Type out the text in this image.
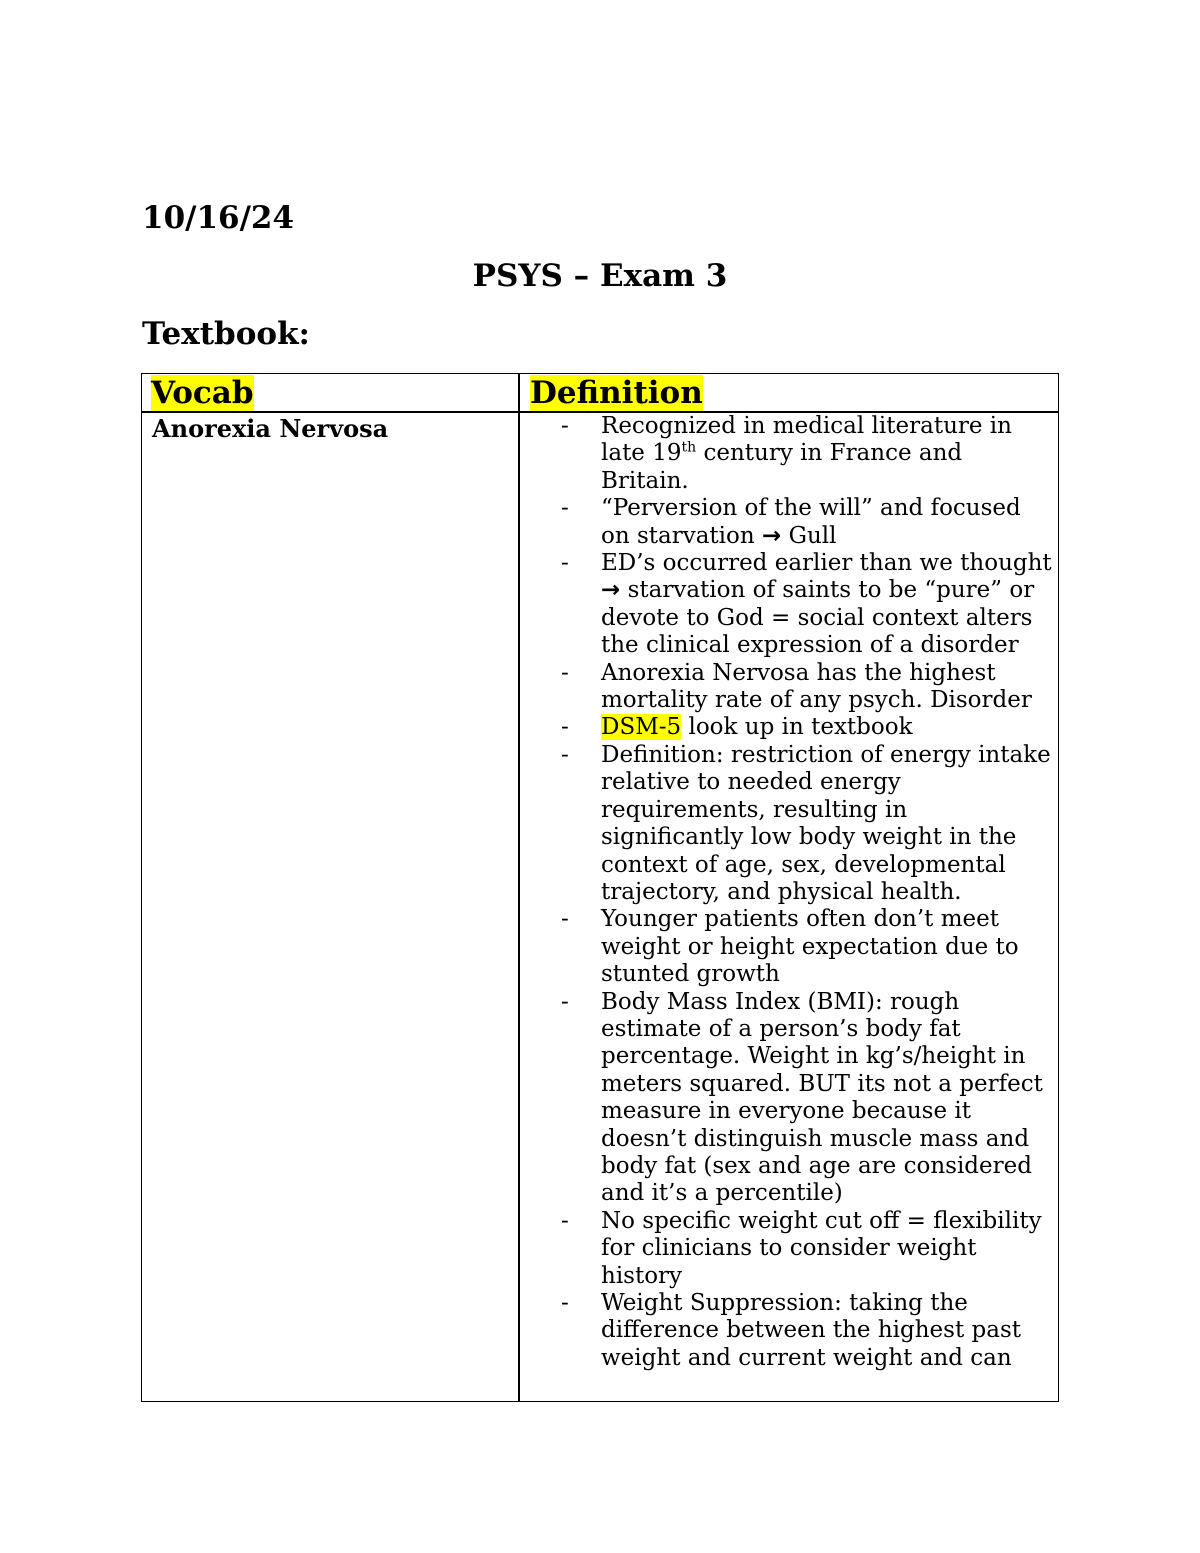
10/16/24
PSYS – Exam 3
Textbook:
Vocab	Definition
Anorexia Nervosa	- Recognized in medical literature in late 19th century in France and Britain.
- “Perversion of the will” and focused on starvation → Gull
- ED’s occurred earlier than we thought → starvation of saints to be “pure” or devote to God = social context alters the clinical expression of a disorder
- Anorexia Nervosa has the highest mortality rate of any psych. Disorder
- DSM-5 look up in textbook
- Definition: restriction of energy intake relative to needed energy requirements, resulting in significantly low body weight in the context of age, sex, developmental trajectory, and physical health.
- Younger patients often don’t meet weight or height expectation due to stunted growth
- Body Mass Index (BMI): rough estimate of a person’s body fat percentage. Weight in kg’s/height in meters squared. BUT its not a perfect measure in everyone because it doesn’t distinguish muscle mass and body fat (sex and age are considered and it’s a percentile)
- No specific weight cut off = flexibility for clinicians to consider weight history
- Weight Suppression: taking the difference between the highest past weight and current weight and can
